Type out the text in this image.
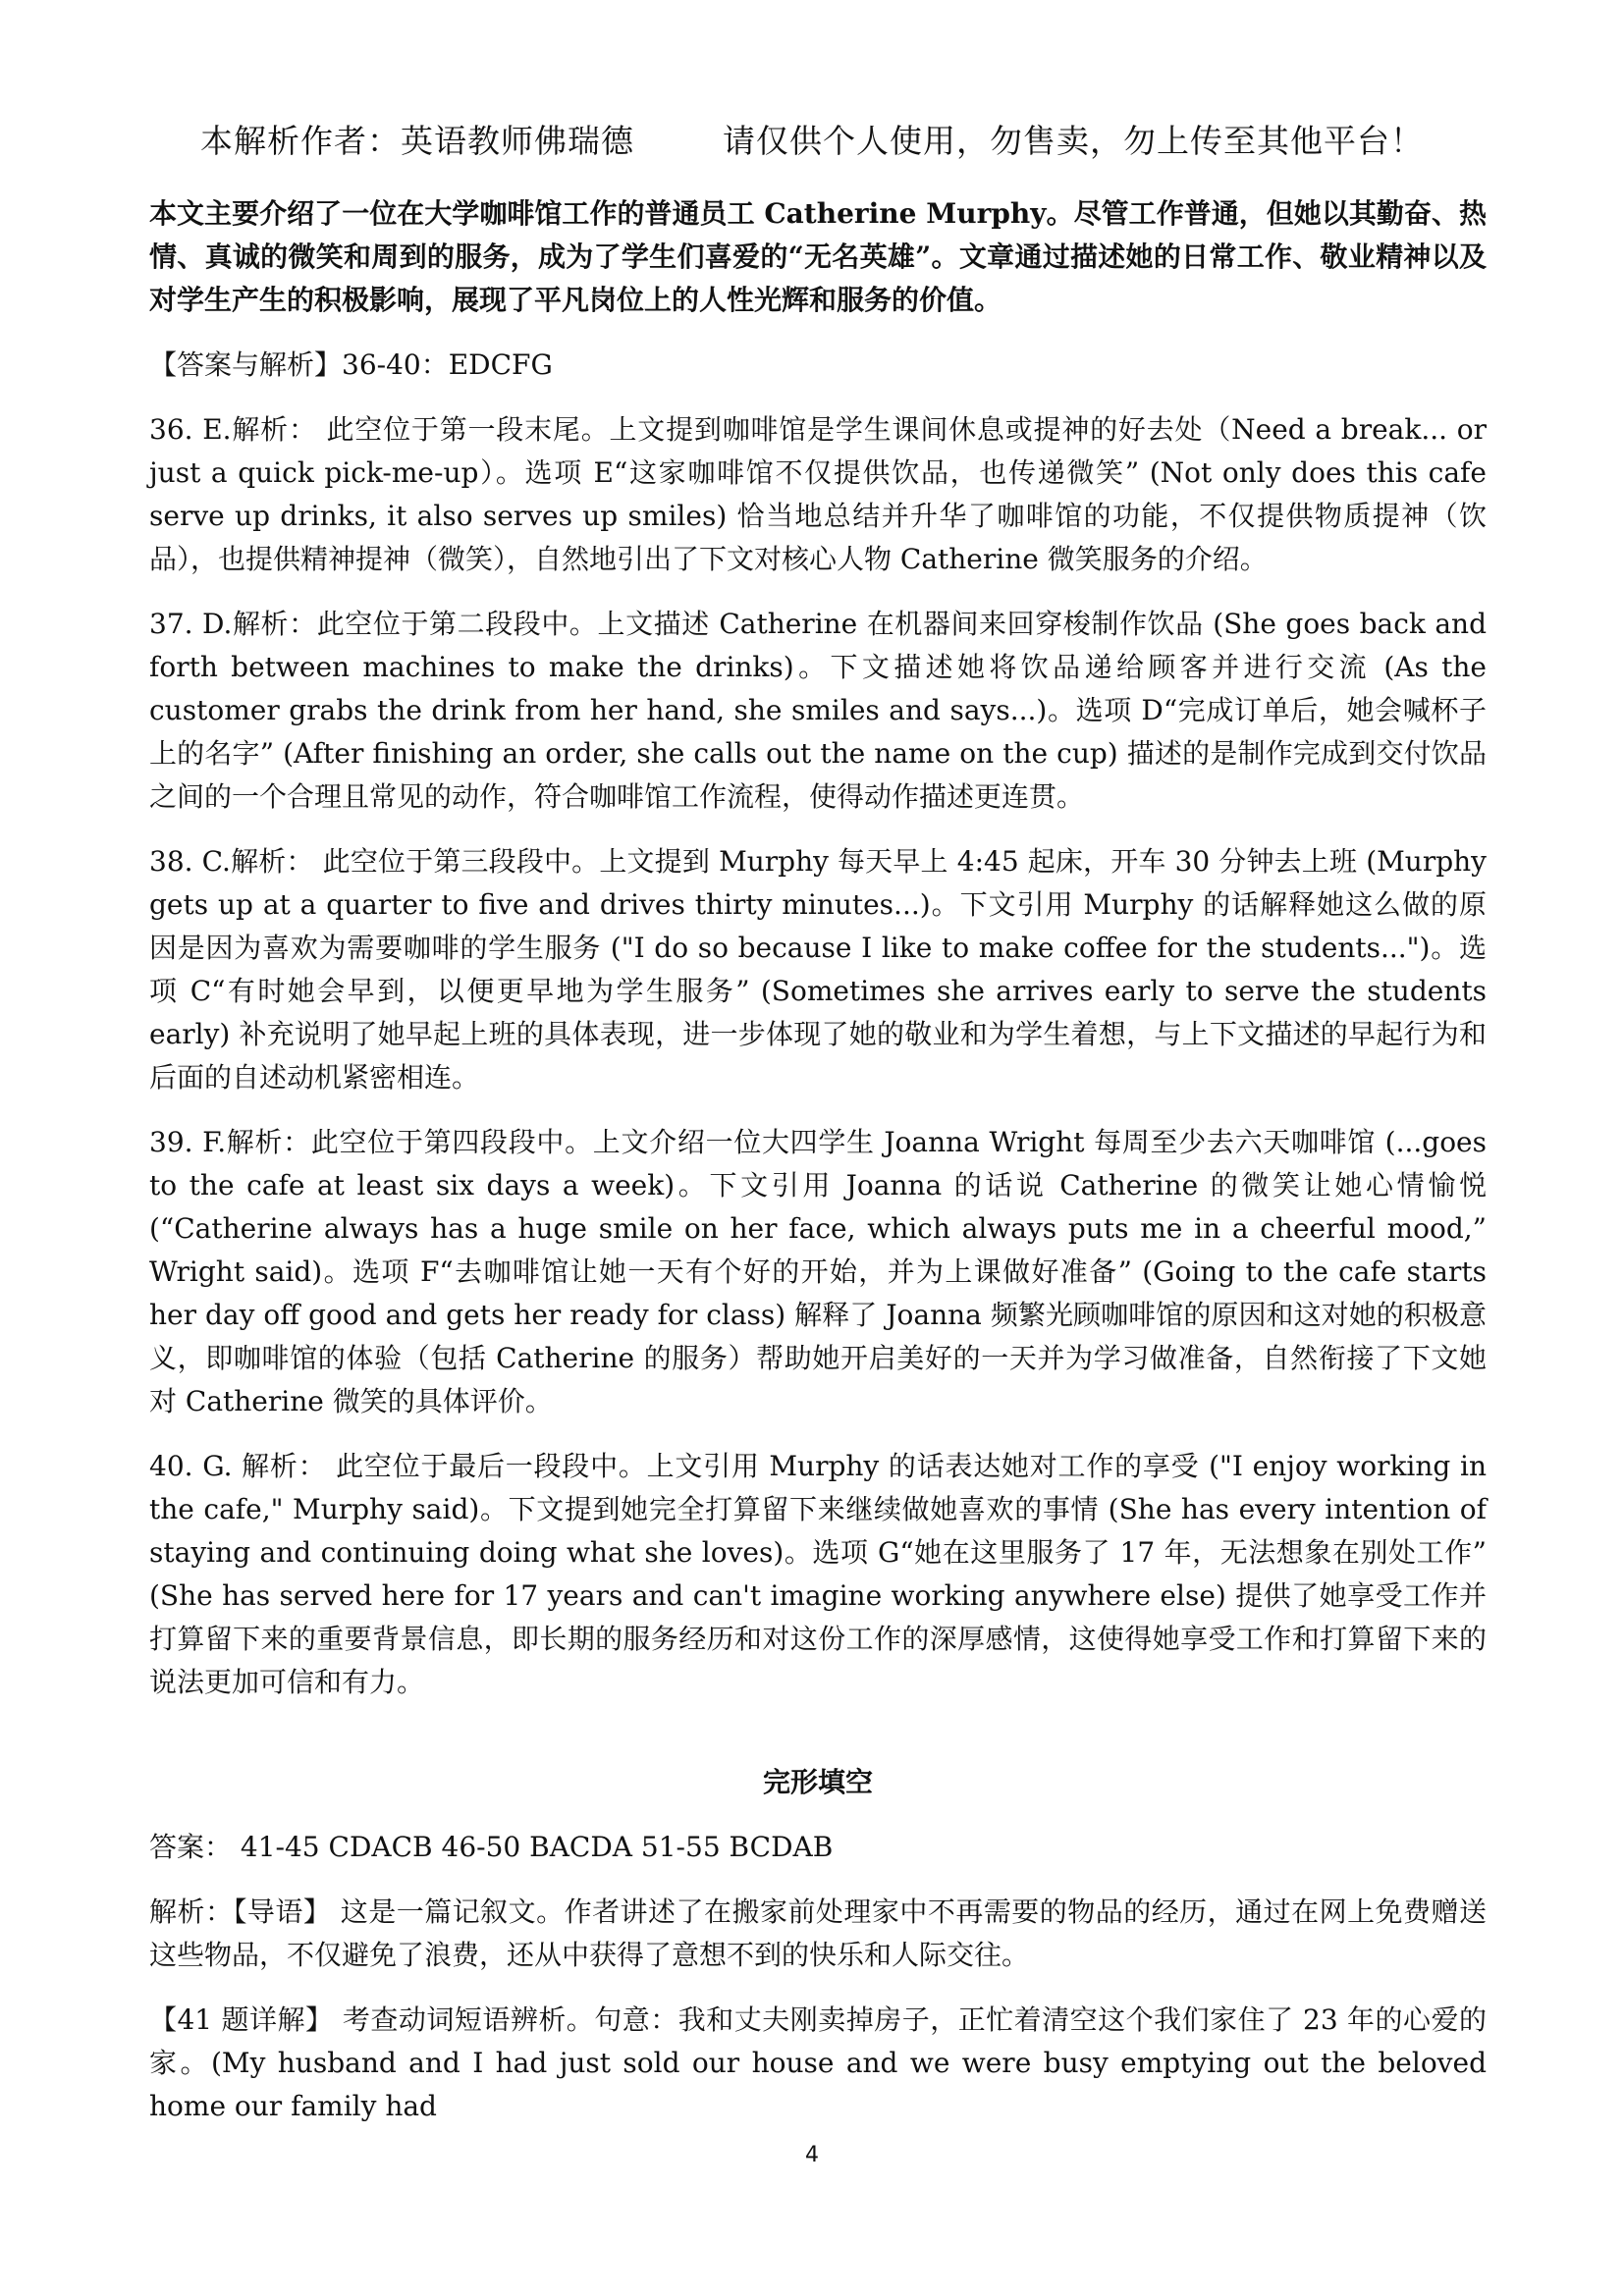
本解析作者：英语教师佛瑞德	请仅供个人使用，勿售卖，勿上传至其他平台！

本文主要介绍了一位在大学咖啡馆工作的普通员工 Catherine Murphy。尽管工作普通，但她以其勤奋、热情、真诚的微笑和周到的服务，成为了学生们喜爱的“无名英雄”。文章通过描述她的日常工作、敬业精神以及对学生产生的积极影响，展现了平凡岗位上的人性光辉和服务的价值。

【答案与解析】36-40：EDCFG

36. E.解析： 此空位于第一段末尾。上文提到咖啡馆是学生课间休息或提神的好去处（Need a break... or just a quick pick-me-up）。选项 E“这家咖啡馆不仅提供饮品，也传递微笑” (Not only does this cafe serve up drinks, it also serves up smiles) 恰当地总结并升华了咖啡馆的功能，不仅提供物质提神（饮品），也提供精神提神（微笑），自然地引出了下文对核心人物 Catherine 微笑服务的介绍。

37. D.解析：此空位于第二段段中。上文描述 Catherine 在机器间来回穿梭制作饮品 (She goes back and forth between machines to make the drinks)。下文描述她将饮品递给顾客并进行交流 (As the customer grabs the drink from her hand, she smiles and says...)。选项 D“完成订单后，她会喊杯子上的名字” (After finishing an order, she calls out the name on the cup) 描述的是制作完成到交付饮品之间的一个合理且常见的动作，符合咖啡馆工作流程，使得动作描述更连贯。

38. C.解析： 此空位于第三段段中。上文提到 Murphy 每天早上 4:45 起床，开车 30 分钟去上班 (Murphy gets up at a quarter to five and drives thirty minutes...)。下文引用 Murphy 的话解释她这么做的原因是因为喜欢为需要咖啡的学生服务 ("I do so because I like to make coffee for the students...")。选项 C“有时她会早到，以便更早地为学生服务” (Sometimes she arrives early to serve the students early) 补充说明了她早起上班的具体表现，进一步体现了她的敬业和为学生着想，与上下文描述的早起行为和后面的自述动机紧密相连。

39. F.解析：此空位于第四段段中。上文介绍一位大四学生 Joanna Wright 每周至少去六天咖啡馆 (...goes to the cafe at least six days a week)。下文引用 Joanna 的话说 Catherine 的微笑让她心情愉悦 (“Catherine always has a huge smile on her face, which always puts me in a cheerful mood,” Wright said)。选项 F“去咖啡馆让她一天有个好的开始，并为上课做好准备” (Going to the cafe starts her day off good and gets her ready for class) 解释了 Joanna 频繁光顾咖啡馆的原因和这对她的积极意义，即咖啡馆的体验（包括 Catherine 的服务）帮助她开启美好的一天并为学习做准备，自然衔接了下文她对 Catherine 微笑的具体评价。

40. G. 解析： 此空位于最后一段段中。上文引用 Murphy 的话表达她对工作的享受 ("I enjoy working in the cafe," Murphy said)。下文提到她完全打算留下来继续做她喜欢的事情 (She has every intention of staying and continuing doing what she loves)。选项 G“她在这里服务了 17 年，无法想象在别处工作” (She has served here for 17 years and can't imagine working anywhere else) 提供了她享受工作并打算留下来的重要背景信息，即长期的服务经历和对这份工作的深厚感情，这使得她享受工作和打算留下来的说法更加可信和有力。

完形填空

答案： 41-45 CDACB 46-50 BACDA 51-55 BCDAB

解析：【导语】 这是一篇记叙文。作者讲述了在搬家前处理家中不再需要的物品的经历，通过在网上免费赠送这些物品，不仅避免了浪费，还从中获得了意想不到的快乐和人际交往。

【41 题详解】 考查动词短语辨析。句意：我和丈夫刚卖掉房子，正忙着清空这个我们家住了 23 年的心爱的家。(My husband and I had just sold our house and we were busy emptying out the beloved home our family had

4
